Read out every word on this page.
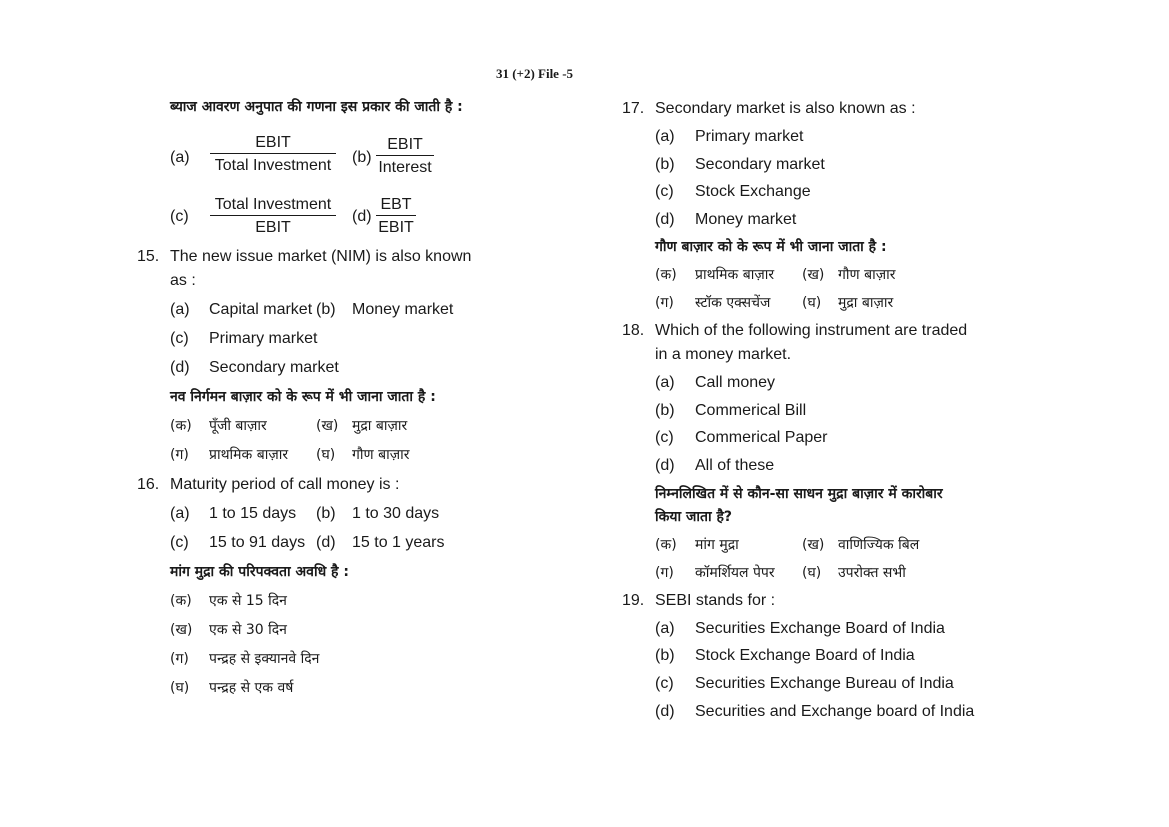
31 (+2) File -5
ब्याज आवरण अनुपात की गणना इस प्रकार की जाती है :
(a)
EBIT
Total Investment (b)
EBIT
Interest
(c)
Total Investment
EBIT
(d)
EBT
EBIT
15. The new issue market (NIM) is also known
as :
(a) Capital market (b) Money market
(c) Primary market
(d) Secondary market
नव निर्गमन बाज़ार को के रूप में भी जाना जाता है :
(क) पूँजी बाज़ार	(ख) मुद्रा बाज़ार
(ग) प्राथमिक बाज़ार (घ) गौण बाज़ार
16. Maturity period of call money is :
(a) 1 to 15 days (b) 1 to 30 days
(c) 15 to 91 days (d) 15 to 1 years
मांग मुद्रा की परिपक्वता अवधि है :
(क) एक से 15 दिन
(ख) एक से 30 दिन
(ग) पन्द्रह से इक्यानवे दिन
(घ) पन्द्रह से एक वर्ष
17. Secondary market is also known as :
(a) Primary market
(b) Secondary market
(c) Stock Exchange
(d) Money market
गौण बाज़ार को के रूप में भी जाना जाता है :
(क) प्राथमिक बाज़ार (ख) गौण बाज़ार
(ग) स्टॉक एक्सचेंज (घ) मुद्रा बाज़ार
18. Which of the following instrument are traded
in a money market.
(a) Call money
(b) Commerical Bill
(c) Commerical Paper
(d) All of these
निम्नलिखित में से कौन-सा साधन मुद्रा बाज़ार में कारोबार
किया जाता है?
(क) मांग मुद्रा	(ख) वाणिज्यिक बिल
(ग) कॉमर्शियल पेपर (घ) उपरोक्त सभी
19. SEBI stands for :
(a) Securities Exchange Board of India
(b) Stock Exchange Board of India
(c) Securities Exchange Bureau of India
(d) Securities and Exchange board of India
